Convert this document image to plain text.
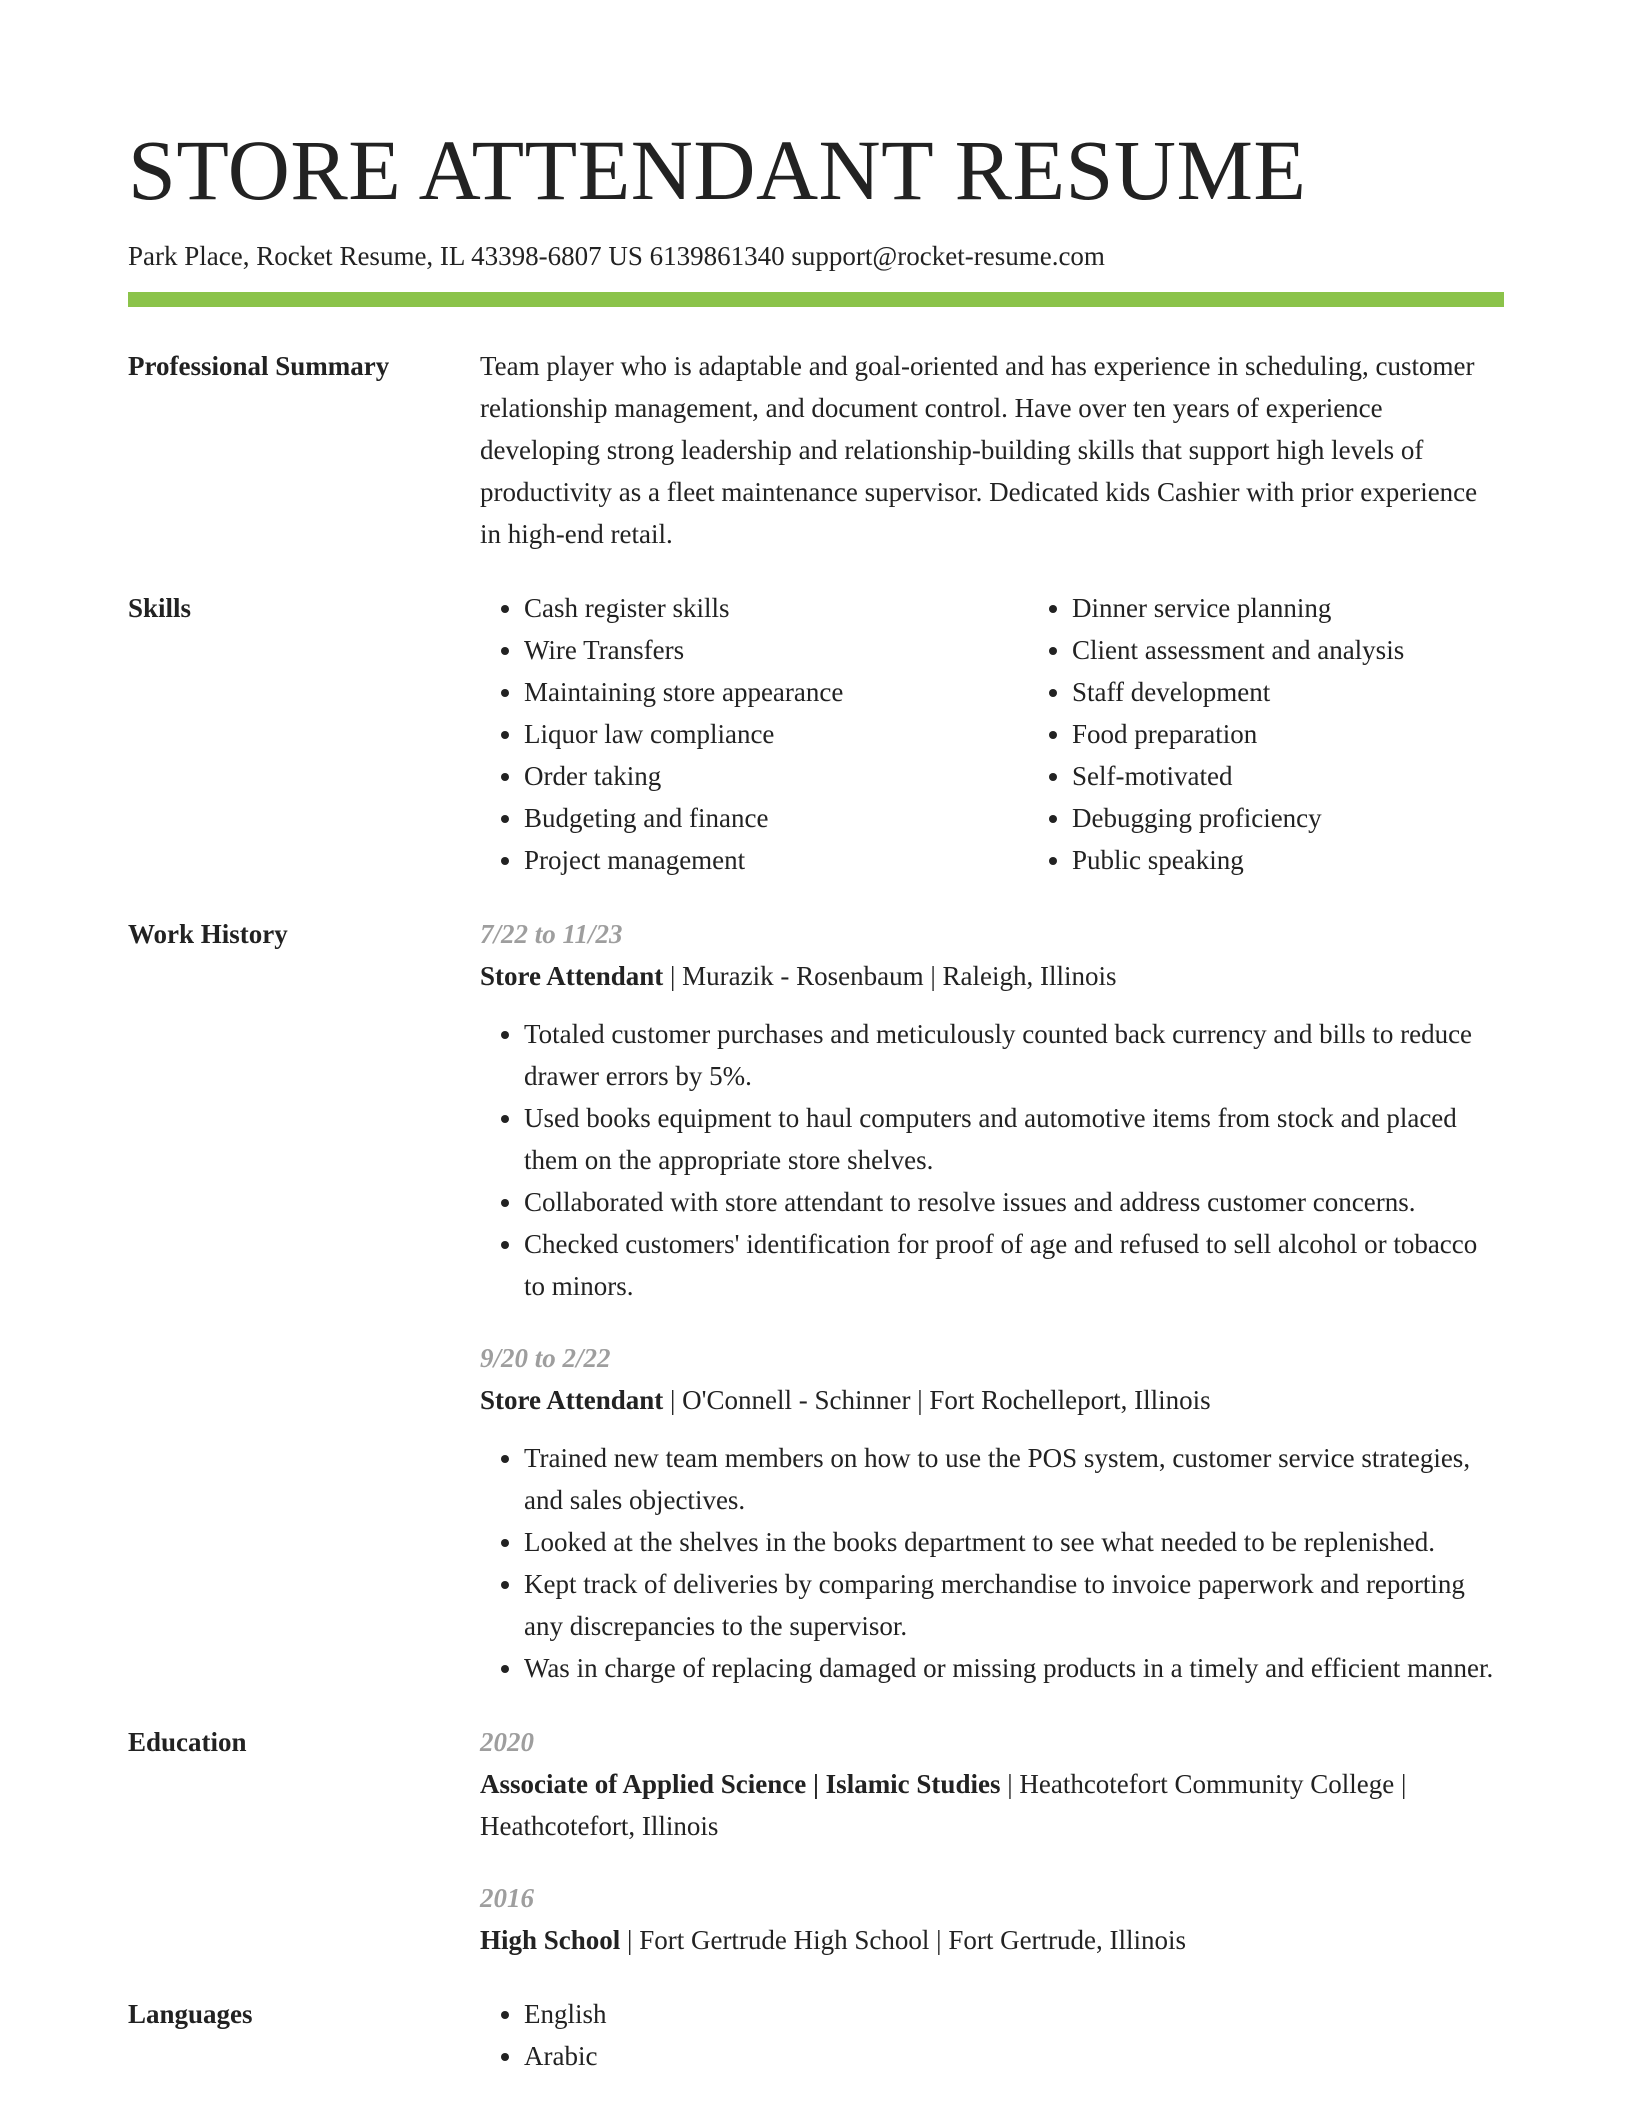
STORE ATTENDANT RESUME
Park Place, Rocket Resume, IL 43398-6807 US 6139861340 support@rocket-resume.com
Professional Summary	Team player who is adaptable and goal-oriented and has experience in scheduling, customer relationship management, and document control. Have over ten years of experience developing strong leadership and relationship-building skills that support high levels of productivity as a fleet maintenance supervisor. Dedicated kids Cashier with prior experience in high-end retail.

Skills	• Cash register skills
• Wire Transfers
• Maintaining store appearance
• Liquor law compliance
• Order taking
• Budgeting and finance
• Project management
• Dinner service planning
• Client assessment and analysis
• Staff development
• Food preparation
• Self-motivated
• Debugging proficiency
• Public speaking
Work History	7/22 to 11/23
Store Attendant | Murazik - Rosenbaum | Raleigh, Illinois
• Totaled customer purchases and meticulously counted back currency and bills to reduce drawer errors by 5%.
• Used books equipment to haul computers and automotive items from stock and placed them on the appropriate store shelves.
• Collaborated with store attendant to resolve issues and address customer concerns.
• Checked customers' identification for proof of age and refused to sell alcohol or tobacco to minors.
9/20 to 2/22
Store Attendant | O'Connell - Schinner | Fort Rochelleport, Illinois
• Trained new team members on how to use the POS system, customer service strategies, and sales objectives.
• Looked at the shelves in the books department to see what needed to be replenished.
• Kept track of deliveries by comparing merchandise to invoice paperwork and reporting any discrepancies to the supervisor.
• Was in charge of replacing damaged or missing products in a timely and efficient manner.
Education	2020
Associate of Applied Science | Islamic Studies | Heathcotefort Community College | Heathcotefort, Illinois
2016
High School | Fort Gertrude High School | Fort Gertrude, Illinois
Languages	• English
• Arabic
